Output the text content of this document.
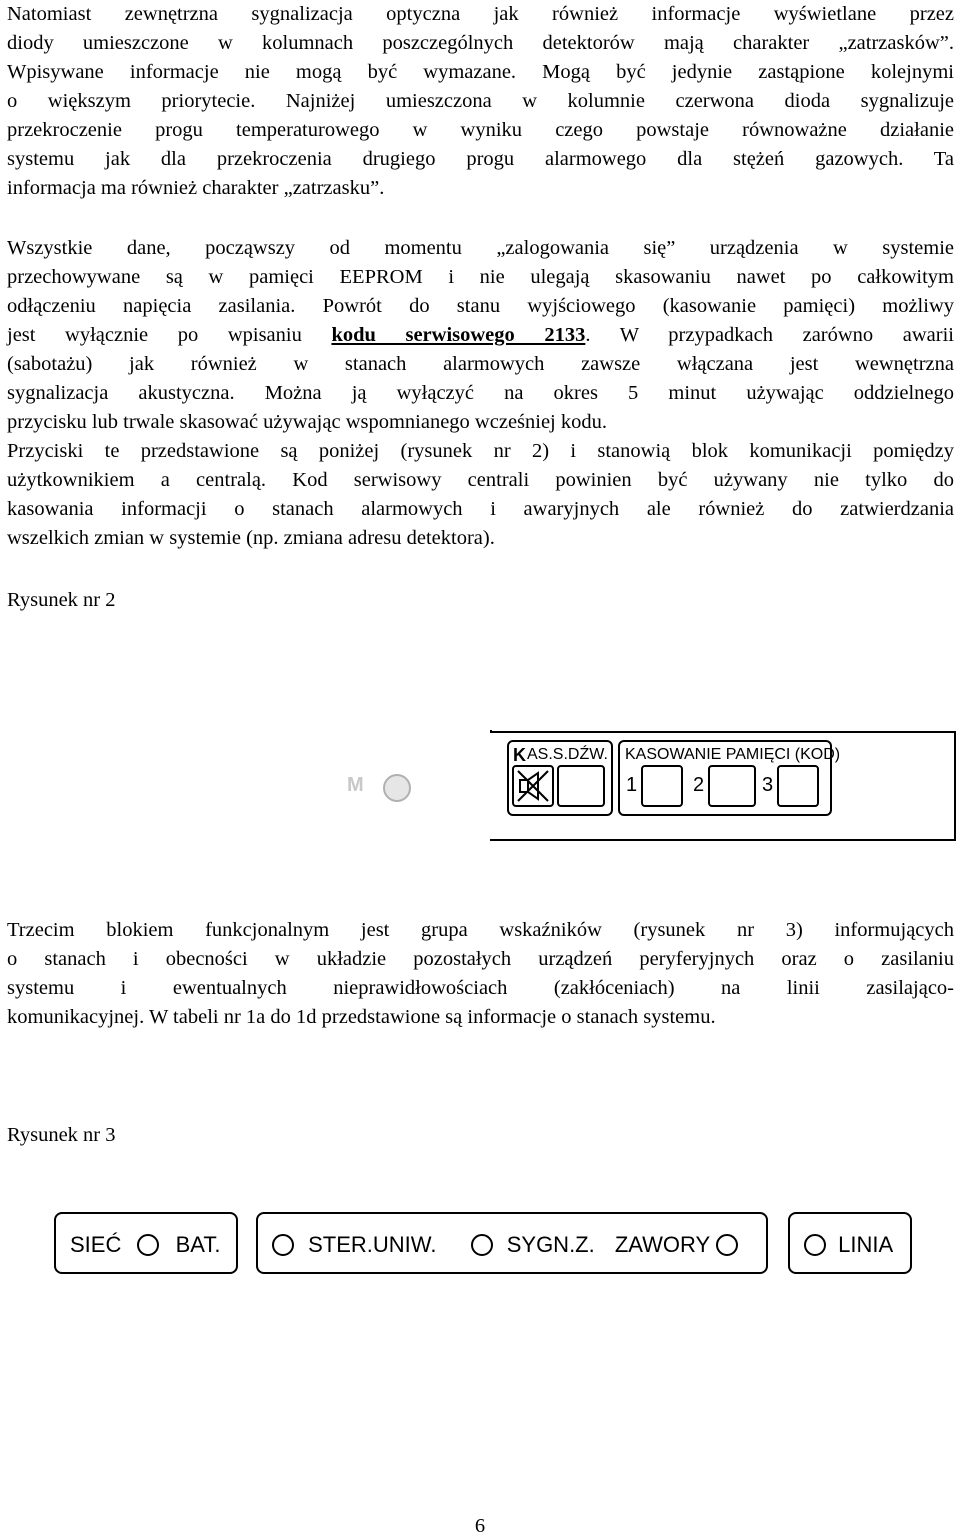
Natomiast zewnętrzna sygnalizacja optyczna jak również informacje wyświetlane przez
diody umieszczone w kolumnach poszczególnych detektorów mają charakter „zatrzasków”.
Wpisywane informacje nie mogą być wymazane. Mogą być jedynie zastąpione kolejnymi
o większym priorytecie. Najniżej umieszczona w kolumnie czerwona dioda sygnalizuje
przekroczenie progu temperaturowego w wyniku czego powstaje równoważne działanie
systemu jak dla przekroczenia drugiego progu alarmowego dla stężeń gazowych. Ta
informacja ma również charakter „zatrzasku”.
Wszystkie dane, począwszy od momentu „zalogowania się” urządzenia w systemie
przechowywane są w pamięci EEPROM i nie ulegają skasowaniu nawet po całkowitym
odłączeniu napięcia zasilania. Powrót do stanu wyjściowego (kasowanie pamięci) możliwy
jest wyłącznie po wpisaniu kodu serwisowego 2133. W przypadkach zarówno awarii
(sabotażu) jak również w stanach alarmowych zawsze włączana jest wewnętrzna
sygnalizacja akustyczna. Można ją wyłączyć na okres 5 minut używając oddzielnego
przycisku lub trwale skasować używając wspomnianego wcześniej kodu.
Przyciski te przedstawione są poniżej (rysunek nr 2) i stanowią blok komunikacji pomiędzy
użytkownikiem a centralą. Kod serwisowy centrali powinien być używany nie tylko do
kasowania informacji o stanach alarmowych i awaryjnych ale również do zatwierdzania
wszelkich zmian w systemie (np. zmiana adresu detektora).
Rysunek nr 2
M
K AS.S.DŹW. KASOWANIE PAMIĘCI (KOD)
1	2	3
Trzecim blokiem funkcjonalnym jest grupa wskaźników (rysunek nr 3) informujących
o stanach i obecności w układzie pozostałych urządzeń peryferyjnych oraz o zasilaniu
systemu i ewentualnych nieprawidłowościach (zakłóceniach) na linii zasilająco-
komunikacyjnej. W tabeli nr 1a do 1d przedstawione są informacje o stanach systemu.
Rysunek nr 3
SIEĆ BAT.	STER.UNIW.	SYGN.Z. ZAWORY	LINIA
6
